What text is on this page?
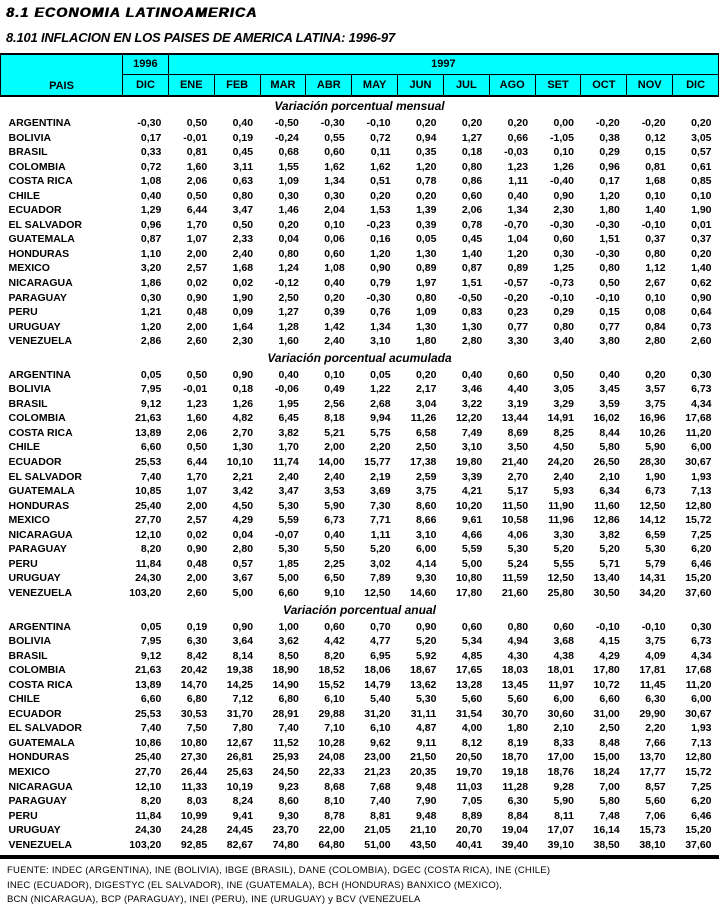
8.1 ECONOMIA LATINOAMERICA
8.101 INFLACION EN LOS PAISES DE AMERICA LATINA: 1996-97
PAIS	1996	1997											
	DIC	ENE	FEB	MAR	ABR	MAY	JUN	JUL	AGO	SET	OCT	NOV	DIC
Variación porcentual mensual													
ARGENTINA	-0,30	0,50	0,40	-0,50	-0,30	-0,10	0,20	0,20	0,20	0,00	-0,20	-0,20	0,20
BOLIVIA	0,17	-0,01	0,19	-0,24	0,55	0,72	0,94	1,27	0,66	-1,05	0,38	0,12	3,05
BRASIL	0,33	0,81	0,45	0,68	0,60	0,11	0,35	0,18	-0,03	0,10	0,29	0,15	0,57
COLOMBIA	0,72	1,60	3,11	1,55	1,62	1,62	1,20	0,80	1,23	1,26	0,96	0,81	0,61
COSTA RICA	1,08	2,06	0,63	1,09	1,34	0,51	0,78	0,86	1,11	-0,40	0,17	1,68	0,85
CHILE	0,40	0,50	0,80	0,30	0,30	0,20	0,20	0,60	0,40	0,90	1,20	0,10	0,10
ECUADOR	1,29	6,44	3,47	1,46	2,04	1,53	1,39	2,06	1,34	2,30	1,80	1,40	1,90
EL SALVADOR	0,96	1,70	0,50	0,20	0,10	-0,23	0,39	0,78	-0,70	-0,30	-0,30	-0,10	0,01
GUATEMALA	0,87	1,07	2,33	0,04	0,06	0,16	0,05	0,45	1,04	0,60	1,51	0,37	0,37
HONDURAS	1,10	2,00	2,40	0,80	0,60	1,20	1,30	1,40	1,20	0,30	-0,30	0,80	0,20
MEXICO	3,20	2,57	1,68	1,24	1,08	0,90	0,89	0,87	0,89	1,25	0,80	1,12	1,40
NICARAGUA	1,86	0,02	0,02	-0,12	0,40	0,79	1,97	1,51	-0,57	-0,73	0,50	2,67	0,62
PARAGUAY	0,30	0,90	1,90	2,50	0,20	-0,30	0,80	-0,50	-0,20	-0,10	-0,10	0,10	0,90
PERU	1,21	0,48	0,09	1,27	0,39	0,76	1,09	0,83	0,23	0,29	0,15	0,08	0,64
URUGUAY	1,20	2,00	1,64	1,28	1,42	1,34	1,30	1,30	0,77	0,80	0,77	0,84	0,73
VENEZUELA	2,86	2,60	2,30	1,60	2,40	3,10	1,80	2,80	3,30	3,40	3,80	2,80	2,60
Variación porcentual acumulada													
ARGENTINA	0,05	0,50	0,90	0,40	0,10	0,05	0,20	0,40	0,60	0,50	0,40	0,20	0,30
BOLIVIA	7,95	-0,01	0,18	-0,06	0,49	1,22	2,17	3,46	4,40	3,05	3,45	3,57	6,73
BRASIL	9,12	1,23	1,26	1,95	2,56	2,68	3,04	3,22	3,19	3,29	3,59	3,75	4,34
COLOMBIA	21,63	1,60	4,82	6,45	8,18	9,94	11,26	12,20	13,44	14,91	16,02	16,96	17,68
COSTA RICA	13,89	2,06	2,70	3,82	5,21	5,75	6,58	7,49	8,69	8,25	8,44	10,26	11,20
CHILE	6,60	0,50	1,30	1,70	2,00	2,20	2,50	3,10	3,50	4,50	5,80	5,90	6,00
ECUADOR	25,53	6,44	10,10	11,74	14,00	15,77	17,38	19,80	21,40	24,20	26,50	28,30	30,67
EL SALVADOR	7,40	1,70	2,21	2,40	2,40	2,19	2,59	3,39	2,70	2,40	2,10	1,90	1,93
GUATEMALA	10,85	1,07	3,42	3,47	3,53	3,69	3,75	4,21	5,17	5,93	6,34	6,73	7,13
HONDURAS	25,40	2,00	4,50	5,30	5,90	7,30	8,60	10,20	11,50	11,90	11,60	12,50	12,80
MEXICO	27,70	2,57	4,29	5,59	6,73	7,71	8,66	9,61	10,58	11,96	12,86	14,12	15,72
NICARAGUA	12,10	0,02	0,04	-0,07	0,40	1,11	3,10	4,66	4,06	3,30	3,82	6,59	7,25
PARAGUAY	8,20	0,90	2,80	5,30	5,50	5,20	6,00	5,59	5,30	5,20	5,20	5,30	6,20
PERU	11,84	0,48	0,57	1,85	2,25	3,02	4,14	5,00	5,24	5,55	5,71	5,79	6,46
URUGUAY	24,30	2,00	3,67	5,00	6,50	7,89	9,30	10,80	11,59	12,50	13,40	14,31	15,20
VENEZUELA	103,20	2,60	5,00	6,60	9,10	12,50	14,60	17,80	21,60	25,80	30,50	34,20	37,60
Variación porcentual anual													
ARGENTINA	0,05	0,19	0,90	1,00	0,60	0,70	0,90	0,60	0,80	0,60	-0,10	-0,10	0,30
BOLIVIA	7,95	6,30	3,64	3,62	4,42	4,77	5,20	5,34	4,94	3,68	4,15	3,75	6,73
BRASIL	9,12	8,42	8,14	8,50	8,20	6,95	5,92	4,85	4,30	4,38	4,29	4,09	4,34
COLOMBIA	21,63	20,42	19,38	18,90	18,52	18,06	18,67	17,65	18,03	18,01	17,80	17,81	17,68
COSTA RICA	13,89	14,70	14,25	14,90	15,52	14,79	13,62	13,28	13,45	11,97	10,72	11,45	11,20
CHILE	6,60	6,80	7,12	6,80	6,10	5,40	5,30	5,60	5,60	6,00	6,60	6,30	6,00
ECUADOR	25,53	30,53	31,70	28,91	29,88	31,20	31,11	31,54	30,70	30,60	31,00	29,90	30,67
EL SALVADOR	7,40	7,50	7,80	7,40	7,10	6,10	4,87	4,00	1,80	2,10	2,50	2,20	1,93
GUATEMALA	10,86	10,80	12,67	11,52	10,28	9,62	9,11	8,12	8,19	8,33	8,48	7,66	7,13
HONDURAS	25,40	27,30	26,81	25,93	24,08	23,00	21,50	20,50	18,70	17,00	15,00	13,70	12,80
MEXICO	27,70	26,44	25,63	24,50	22,33	21,23	20,35	19,70	19,18	18,76	18,24	17,77	15,72
NICARAGUA	12,10	11,33	10,19	9,23	8,68	7,68	9,48	11,03	11,28	9,28	7,00	8,57	7,25
PARAGUAY	8,20	8,03	8,24	8,60	8,10	7,40	7,90	7,05	6,30	5,90	5,80	5,60	6,20
PERU	11,84	10,99	9,41	9,30	8,78	8,81	9,48	8,89	8,84	8,11	7,48	7,06	6,46
URUGUAY	24,30	24,28	24,45	23,70	22,00	21,05	21,10	20,70	19,04	17,07	16,14	15,73	15,20
VENEZUELA	103,20	92,85	82,67	74,80	64,80	51,00	43,50	40,41	39,40	39,10	38,50	38,10	37,60
FUENTE: INDEC (ARGENTINA), INE (BOLIVIA), IBGE (BRASIL), DANE (COLOMBIA), DGEC (COSTA RICA), INE (CHILE)
INEC (ECUADOR), DIGESTYC (EL SALVADOR), INE (GUATEMALA), BCH (HONDURAS) BANXICO (MEXICO),
BCN (NICARAGUA), BCP (PARAGUAY), INEI (PERU), INE (URUGUAY) y BCV (VENEZUELA
